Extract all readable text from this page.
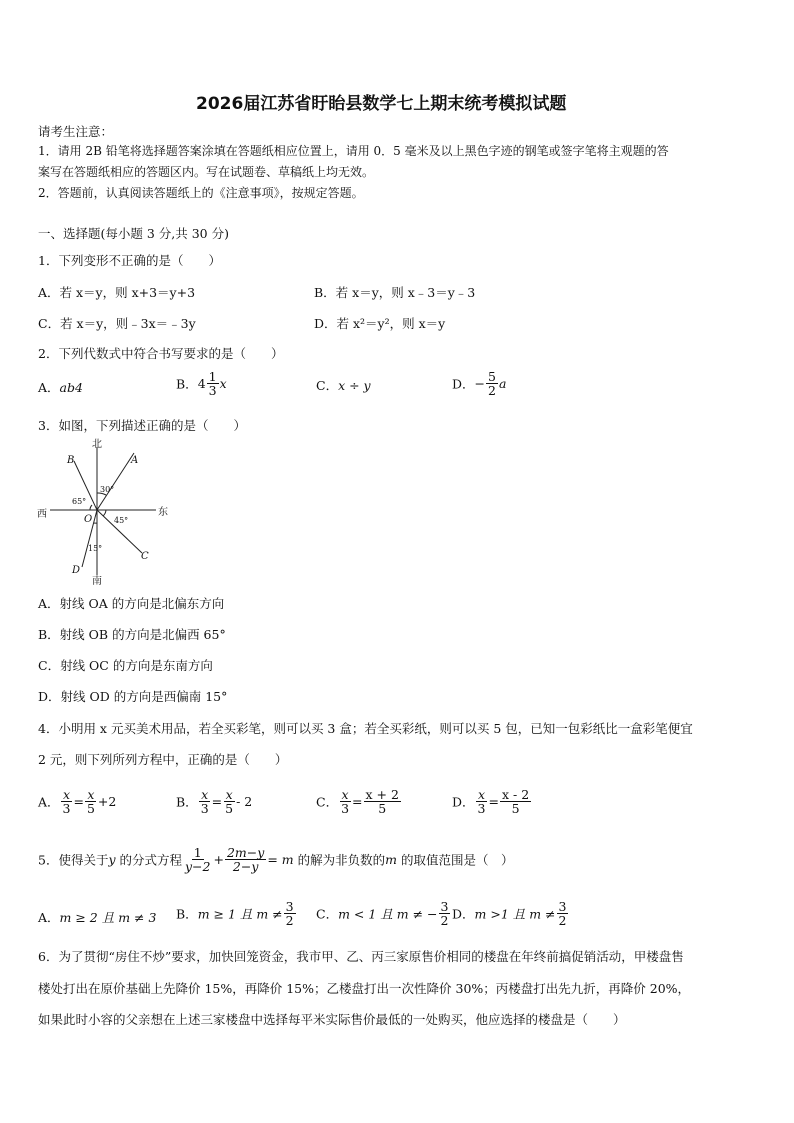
2026届江苏省盱眙县数学七上期末统考模拟试题
请考生注意：
1．请用 2B 铅笔将选择题答案涂填在答题纸相应位置上，请用 0．5 毫米及以上黑色字迹的钢笔或签字笔将主观题的答
案写在答题纸相应的答题区内。写在试题卷、草稿纸上均无效。
2．答题前，认真阅读答题纸上的《注意事项》，按规定答题。
一、选择题(每小题 3 分,共 30 分)
1．下列变形不正确的是（　　）
A．若 x＝y，则 x+3＝y+3	B．若 x＝y，则 x﹣3＝y﹣3
C．若 x＝y，则﹣3x＝﹣3y	D．若 x²＝y²，则 x＝y
2．下列代数式中符合书写要求的是（　　）
A．ab4	B．$4 \frac{1}{3}$ x	C．x ÷ y	D．− $\frac{5}{2}$ a
3．如图，下列描述正确的是（　　）
北
南
西	东
A
B
C
D
O
30°
65°
45°
15°
A．射线 OA 的方向是北偏东方向
B．射线 OB 的方向是北偏西 65°
C．射线 OC 的方向是东南方向
D．射线 OD 的方向是西偏南 15°
4．小明用 x 元买美术用品，若全买彩笔，则可以买 3 盒；若全买彩纸，则可以买 5 包，已知一包彩纸比一盒彩笔便宜
2 元，则下列所列方程中，正确的是（　　）
A． $\frac{x}{3} = \frac{x}{5} +2$	B． $\frac{x}{3} = \frac{x}{5} - 2$	C． $\frac{x}{3} = \frac{x + 2}{5}$	D． $\frac{x}{3} = \frac{x - 2}{5}$
5．使得关于y 的分式方程 $\frac{1}{y-2} + \frac{2m-y}{2-y} = m$ 的解为非负数的m 的取值范围是（　）
A．m ≥ 2 且 m ≠ 3 B．m ≥ 1 且 $m \ne \frac{3}{2}$ C．m < 1 且 m ≠ − $\frac{3}{2}$ D．m >1 且 $m \ne \frac{3}{2}$
6．为了贯彻“房住不炒”要求，加快回笼资金，我市甲、乙、丙三家原售价相同的楼盘在年终前搞促销活动，甲楼盘售
楼处打出在原价基础上先降价 15%，再降价 15%；乙楼盘打出一次性降价 30%；丙楼盘打出先九折，再降价 20%，
如果此时小容的父亲想在上述三家楼盘中选择每平米实际售价最低的一处购买，他应选择的楼盘是（　　）
